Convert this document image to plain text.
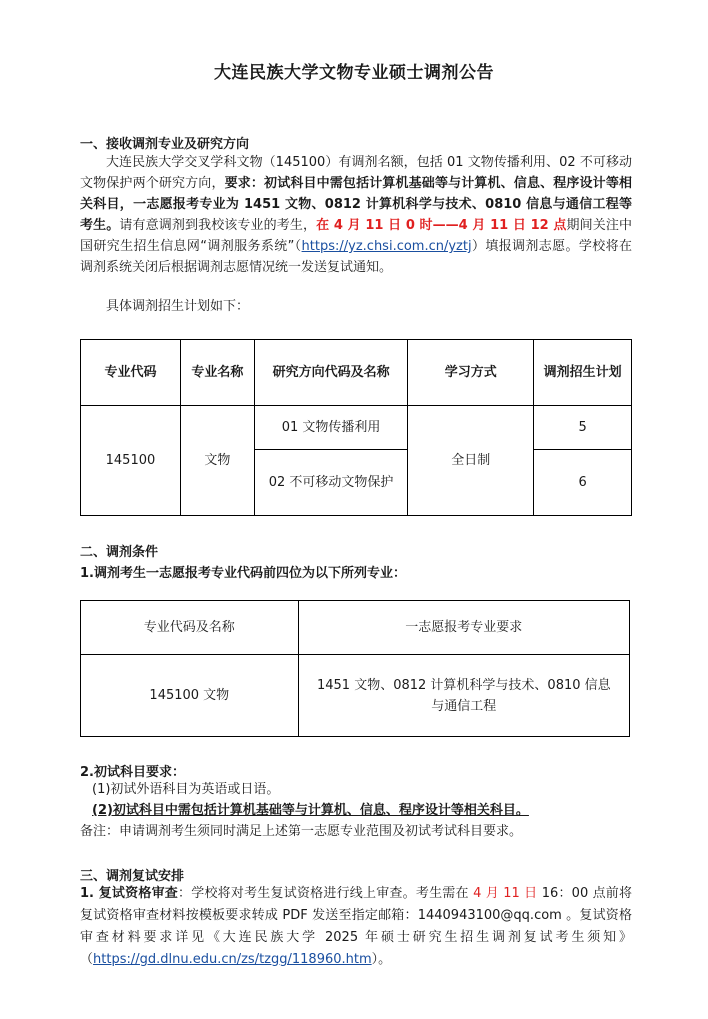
大连民族大学文物专业硕士调剂公告
一、接收调剂专业及研究方向
大连民族大学交叉学科文物（145100）有调剂名额，包括 01 文物传播利用、02 不可移动文物保护两个研究方向，要求：初试科目中需包括计算机基础等与计算机、信息、程序设计等相关科目，一志愿报考专业为 1451 文物、0812 计算机科学与技术、0810 信息与通信工程等考生。请有意调剂到我校该专业的考生，在 4 月 11 日 0 时——4 月 11 日 12 点期间关注中国研究生招生信息网“调剂服务系统”（https://yz.chsi.com.cn/yztj）填报调剂志愿。学校将在调剂系统关闭后根据调剂志愿情况统一发送复试通知。
具体调剂招生计划如下：
专业代码	专业名称	研究方向代码及名称	学习方式	调剂招生计划
145100	文物	01 文物传播利用	全日制	5
		02 不可移动文物保护		6
二、调剂条件
1.调剂考生一志愿报考专业代码前四位为以下所列专业：
专业代码及名称	一志愿报考专业要求
145100 文物	1451 文物、0812 计算机科学与技术、0810 信息与通信工程
2.初试科目要求：
(1)初试外语科目为英语或日语。
(2)初试科目中需包括计算机基础等与计算机、信息、程序设计等相关科目。
备注：申请调剂考生须同时满足上述第一志愿专业范围及初试考试科目要求。
三、调剂复试安排
1. 复试资格审查：学校将对考生复试资格进行线上审查。考生需在 4 月 11 日 16：00 点前将复试资格审查材料按模板要求转成 PDF 发送至指定邮箱：1440943100@qq.com 。复试资格审查材料要求详见《大连民族大学 2025 年硕士研究生招生调剂复试考生须知》（https://gd.dlnu.edu.cn/zs/tzgg/118960.htm）。
